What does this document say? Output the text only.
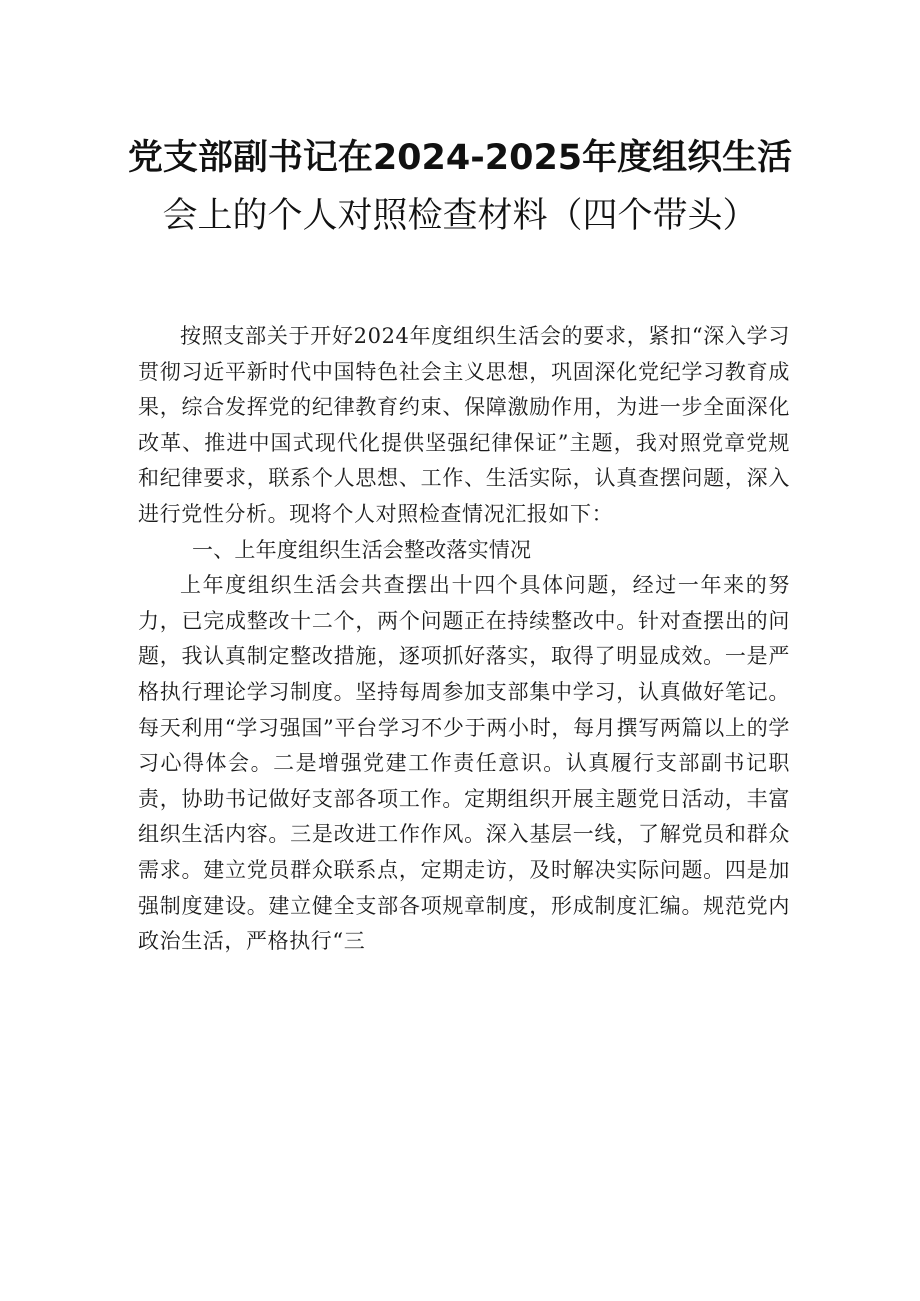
党支部副书记在2024-2025年度组织生活
会上的个人对照检查材料（四个带头）

按照支部关于开好2024年度组织生活会的要求，紧扣“深入学习贯彻习近平新时代中国特色社会主义思想，巩固深化党纪学习教育成果，综合发挥党的纪律教育约束、保障激励作用，为进一步全面深化改革、推进中国式现代化提供坚强纪律保证”主题，我对照党章党规和纪律要求，联系个人思想、工作、生活实际，认真查摆问题，深入进行党性分析。现将个人对照检查情况汇报如下：

一、上年度组织生活会整改落实情况

上年度组织生活会共查摆出十四个具体问题，经过一年来的努力，已完成整改十二个，两个问题正在持续整改中。针对查摆出的问题，我认真制定整改措施，逐项抓好落实，取得了明显成效。一是严格执行理论学习制度。坚持每周参加支部集中学习，认真做好笔记。每天利用“学习强国”平台学习不少于两小时，每月撰写两篇以上的学习心得体会。二是增强党建工作责任意识。认真履行支部副书记职责，协助书记做好支部各项工作。定期组织开展主题党日活动，丰富组织生活内容。三是改进工作作风。深入基层一线，了解党员和群众需求。建立党员群众联系点，定期走访，及时解决实际问题。四是加强制度建设。建立健全支部各项规章制度，形成制度汇编。规范党内政治生活，严格执行“三
